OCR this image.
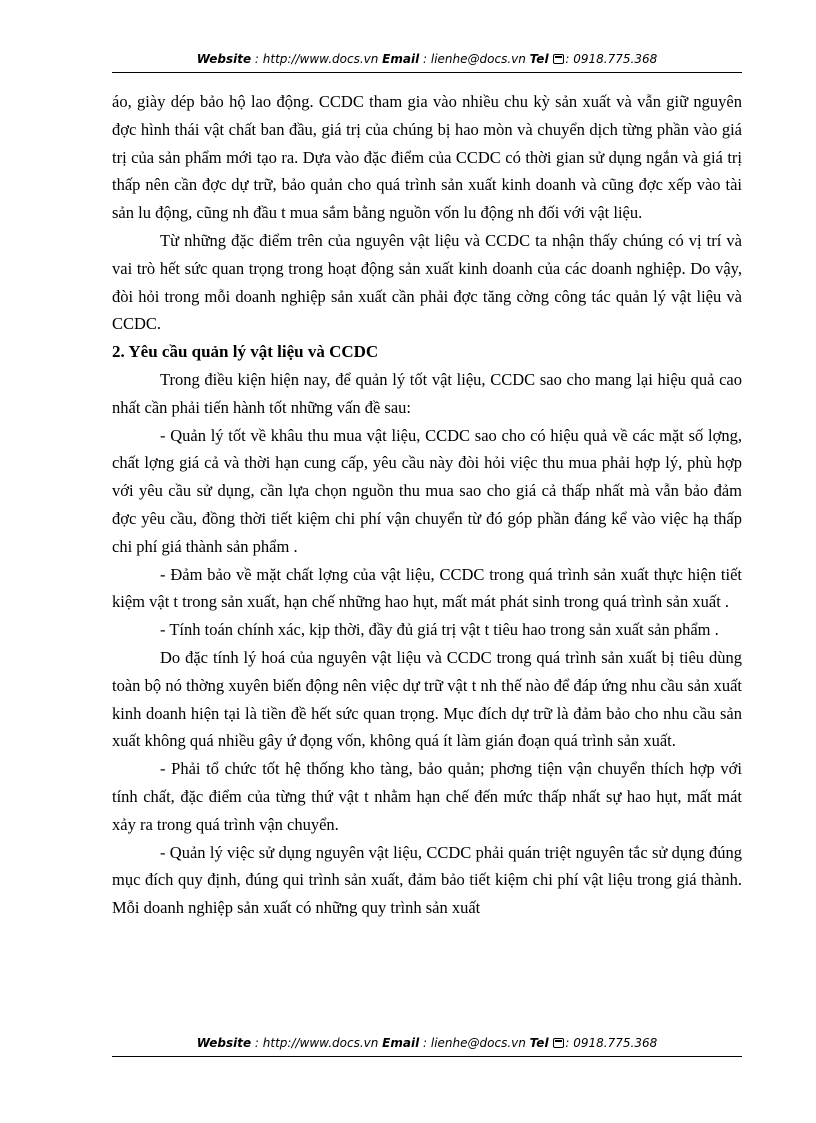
Website : http://www.docs.vn Email : lienhe@docs.vn Tel : 0918.775.368

áo, giày dép bảo hộ lao động. CCDC tham gia vào nhiều chu kỳ sản xuất và vẫn giữ nguyên đợc hình thái vật chất ban đầu, giá trị của chúng bị hao mòn và chuyển dịch từng phần vào giá trị của sản phẩm mới tạo ra. Dựa vào đặc điểm của CCDC có thời gian sử dụng ngắn và giá trị thấp nên cần đợc dự trữ, bảo quản cho quá trình sản xuất kinh doanh và cũng đợc xếp vào tài sản lu động, cũng nh đầu t mua sắm bằng nguồn vốn lu động nh đối với vật liệu.

Từ những đặc điểm trên của nguyên vật liệu và CCDC ta nhận thấy chúng có vị trí và vai trò hết sức quan trọng trong hoạt động sản xuất kinh doanh của các doanh nghiệp. Do vậy, đòi hỏi trong mỗi doanh nghiệp sản xuất cần phải đợc tăng cờng công tác quản lý vật liệu và CCDC.

2. Yêu cầu quản lý vật liệu và CCDC

Trong điều kiện hiện nay, để quản lý tốt vật liệu, CCDC sao cho mang lại hiệu quả cao nhất cần phải tiến hành tốt những vấn đề sau:

- Quản lý tốt về khâu thu mua vật liệu, CCDC sao cho có hiệu quả về các mặt số lợng, chất lợng giá cả và thời hạn cung cấp, yêu cầu này đòi hỏi việc thu mua phải hợp lý, phù hợp với yêu cầu sử dụng, cần lựa chọn nguồn thu mua sao cho giá cả thấp nhất mà vẫn bảo đảm đợc yêu cầu, đồng thời tiết kiệm chi phí vận chuyển từ đó góp phần đáng kể vào việc hạ thấp chi phí giá thành sản phẩm .

- Đảm bảo về mặt chất lợng của vật liệu, CCDC trong quá trình sản xuất thực hiện tiết kiệm vật t trong sản xuất, hạn chế những hao hụt, mất mát phát sinh trong quá trình sản xuất .

- Tính toán chính xác, kịp thời, đầy đủ giá trị vật t tiêu hao trong sản xuất sản phẩm .

Do đặc tính lý hoá của nguyên vật liệu và CCDC trong quá trình sản xuất bị tiêu dùng toàn bộ nó thờng xuyên biến động nên việc dự trữ vật t nh thế nào để đáp ứng nhu cầu sản xuất kinh doanh hiện tại là tiền đề hết sức quan trọng. Mục đích dự trữ là đảm bảo cho nhu cầu sản xuất không quá nhiều gây ứ đọng vốn, không quá ít làm gián đoạn quá trình sản xuất.

- Phải tổ chức tốt hệ thống kho tàng, bảo quản; phơng tiện vận chuyển thích hợp với tính chất, đặc điểm của từng thứ vật t nhằm hạn chế đến mức thấp nhất sự hao hụt, mất mát xảy ra trong quá trình vận chuyển.

- Quản lý việc sử dụng nguyên vật liệu, CCDC phải quán triệt nguyên tắc sử dụng đúng mục đích quy định, đúng qui trình sản xuất, đảm bảo tiết kiệm chi phí vật liệu trong giá thành. Mỗi doanh nghiệp sản xuất có những quy trình sản xuất

Website : http://www.docs.vn Email : lienhe@docs.vn Tel : 0918.775.368
